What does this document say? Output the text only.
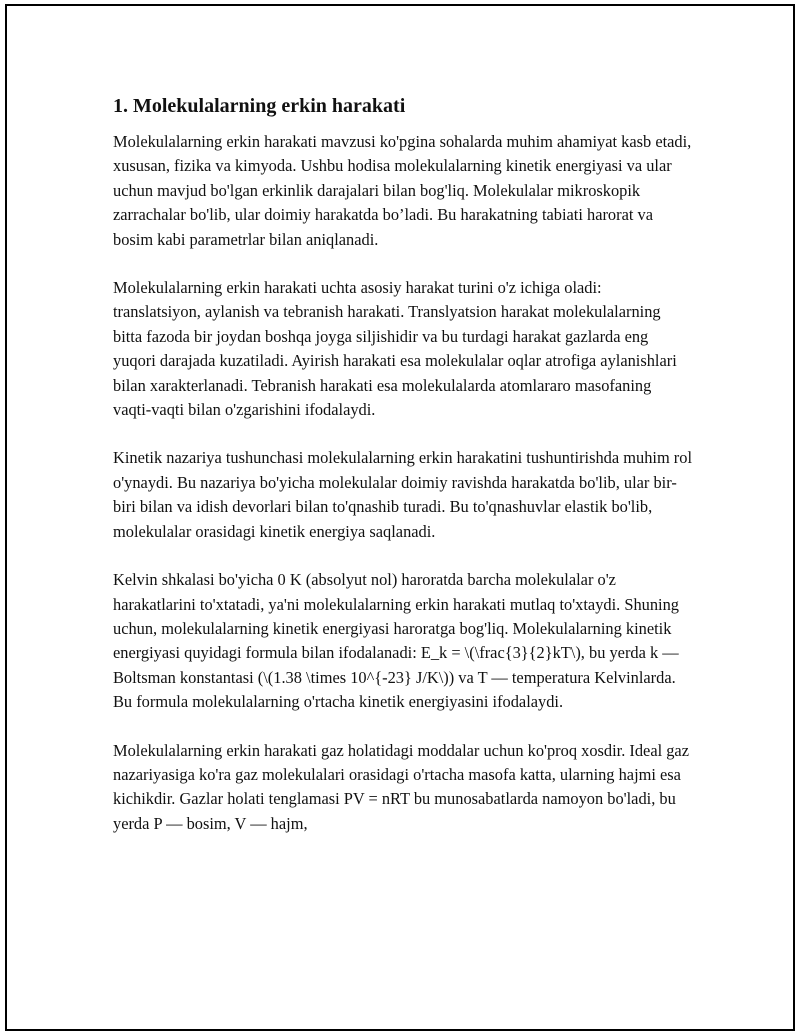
1. Molekulalarning erkin harakati

Molekulalarning erkin harakati mavzusi ko'pgina sohalarda muhim ahamiyat kasb etadi, xususan, fizika va kimyoda. Ushbu hodisa molekulalarning kinetik energiyasi va ular uchun mavjud bo'lgan erkinlik darajalari bilan bog'liq. Molekulalar mikroskopik zarrachalar bo'lib, ular doimiy harakatda bo’ladi. Bu harakatning tabiati harorat va bosim kabi parametrlar bilan aniqlanadi.

Molekulalarning erkin harakati uchta asosiy harakat turini o'z ichiga oladi: translatsiyon, aylanish va tebranish harakati. Translyatsion harakat molekulalarning bitta fazoda bir joydan boshqa joyga siljishidir va bu turdagi harakat gazlarda eng yuqori darajada kuzatiladi. Ayirish harakati esa molekulalar oqlar atrofiga aylanishlari bilan xarakterlanadi. Tebranish harakati esa molekulalarda atomlararo masofaning vaqti-vaqti bilan o'zgarishini ifodalaydi.

Kinetik nazariya tushunchasi molekulalarning erkin harakatini tushuntirishda muhim rol o'ynaydi. Bu nazariya bo'yicha molekulalar doimiy ravishda harakatda bo'lib, ular bir-biri bilan va idish devorlari bilan to'qnashib turadi. Bu to'qnashuvlar elastik bo'lib, molekulalar orasidagi kinetik energiya saqlanadi.

Kelvin shkalasi bo'yicha 0 K (absolyut nol) haroratda barcha molekulalar o'z harakatlarini to'xtatadi, ya'ni molekulalarning erkin harakati mutlaq to'xtaydi. Shuning uchun, molekulalarning kinetik energiyasi haroratga bog'liq. Molekulalarning kinetik energiyasi quyidagi formula bilan ifodalanadi: E_k = \(\frac{3}{2}kT\), bu yerda k — Boltsman konstantasi (\(1.38 \times 10^{-23} J/K\)) va T — temperatura Kelvinlarda. Bu formula molekulalarning o'rtacha kinetik energiyasini ifodalaydi.

Molekulalarning erkin harakati gaz holatidagi moddalar uchun ko'proq xosdir. Ideal gaz nazariyasiga ko'ra gaz molekulalari orasidagi o'rtacha masofa katta, ularning hajmi esa kichikdir. Gazlar holati tenglamasi PV = nRT bu munosabatlarda namoyon bo'ladi, bu yerda P — bosim, V — hajm,
